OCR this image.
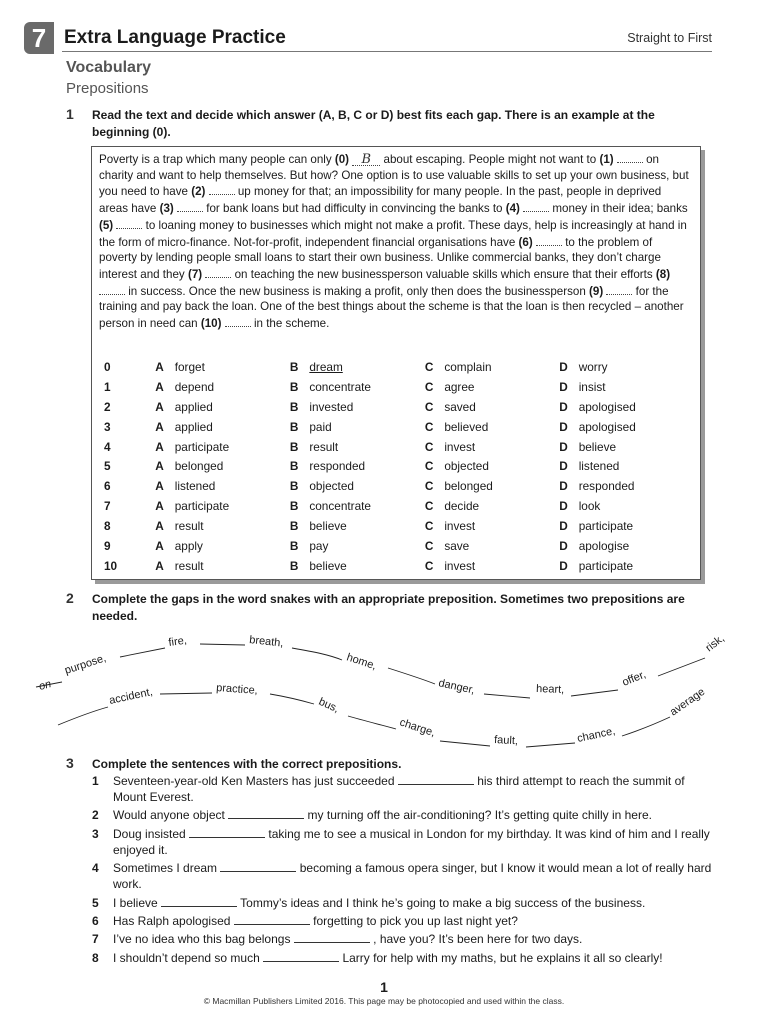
7 Extra Language Practice	Straight to First
Vocabulary
Prepositions
1 Read the text and decide which answer (A, B, C or D) best fits each gap. There is an example at the beginning (0).
Poverty is a trap which many people can only (0) B about escaping. People might not want to (1)	on charity and want to help themselves. But how? One option is to use valuable skills to set up your own business, but you need to have (2)	up money for that; an impossibility for many people. In the past, people in deprived areas have (3)	for bank loans but had difficulty in convincing the banks to (4)	money in their idea; banks (5)	to loaning money to businesses which might not make a profit. These days, help is increasingly at hand in the form of micro-finance. Not-for-profit, independent financial organisations have (6)	to the problem of poverty by lending people small loans to start their own business. Unlike commercial banks, they don’t charge interest and they (7)	on teaching the new businessperson valuable skills which ensure that their efforts (8)  in success. Once the new business is making a profit, only then does the businessperson (9)	for the training and pay back the loan. One of the best things about the scheme is that the loan is then recycled – another person in need can (10)	in the scheme.
0	A	forget	B	dream	C	complain	D	worry
1	A	depend	B	concentrate	C	agree	D	insist
2	A	applied	B	invested	C	saved	D	apologised
3	A	applied	B	paid	C	believed	D	apologised
4	A	participate	B	result	C	invest	D	believe
5	A	belonged	B	responded	C	objected	D	listened
6	A	listened	B	objected	C	belonged	D	responded
7	A	participate	B	concentrate	C	decide	D	look
8	A	result	B	believe	C	invest	D	participate
9	A	apply	B	pay	C	save	D	apologise
10	A	result	B	believe	C	invest	D	participate
2 Complete the gaps in the word snakes with an appropriate preposition. Sometimes two prepositions are needed.
on
purpose,
fire,	breath,
home,
danger,	heart,
offer,
risk,
accident,	practice,
bus,
charge,
fault,	chance,
average
3 Complete the sentences with the correct prepositions.
1 Seventeen-year-old Ken Masters has just succeeded	his third attempt to reach the summit of Mount Everest.
2 Would anyone object	my turning off the air-conditioning? It’s getting quite chilly in here.
3 Doug insisted	taking me to see a musical in London for my birthday. It was kind of him and I really enjoyed it.
4 Sometimes I dream	becoming a famous opera singer, but I know it would mean a lot of really hard work.
5 I believe	Tommy’s ideas and I think he’s going to make a big success of the business.
6 Has Ralph apologised	forgetting to pick you up last night yet?
7 I’ve no idea who this bag belongs	, have you? It’s been here for two days.
8 I shouldn’t depend so much	Larry for help with my maths, but he explains it all so clearly!
1
© Macmillan Publishers Limited 2016. This page may be photocopied and used within the class.
